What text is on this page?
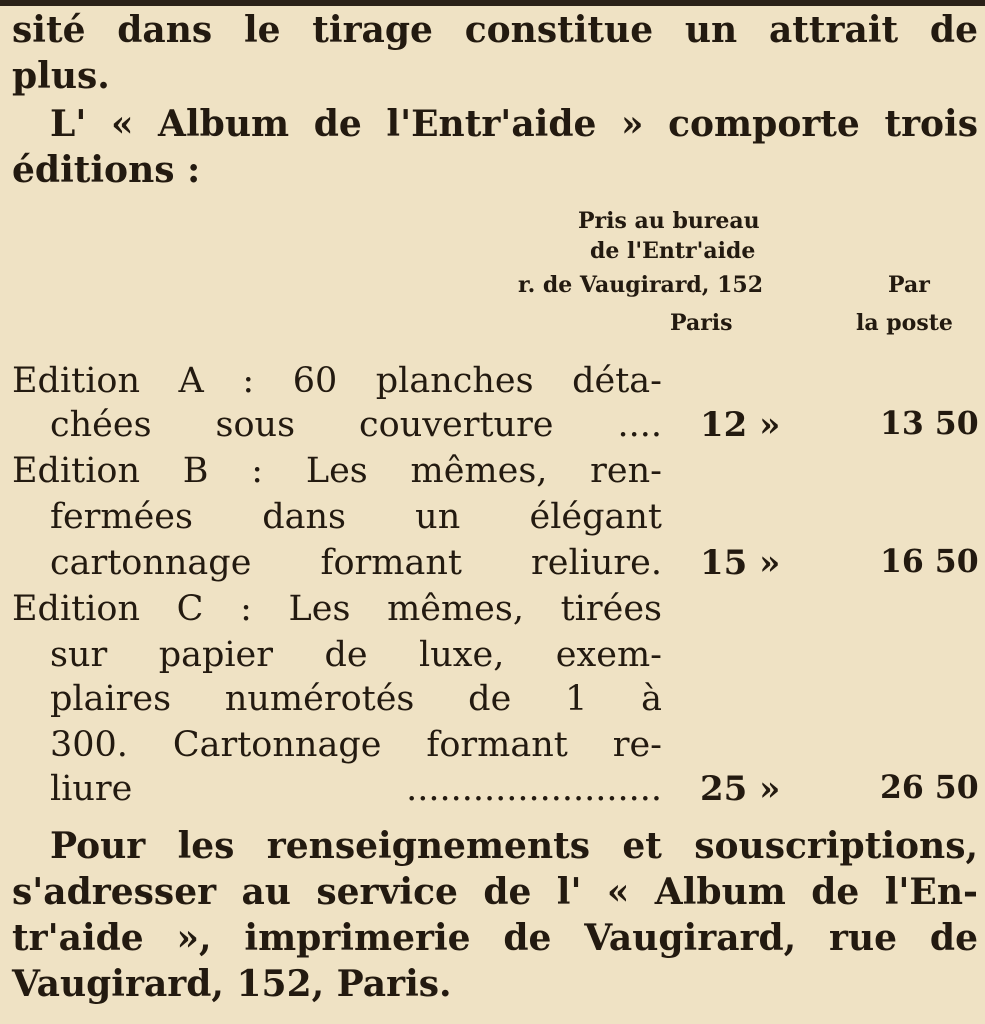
sité dans le tirage constitue un attrait de
plus.
L' « Album de l'Entr'aide » comporte trois
éditions :
Pris au bureau
de l'Entr'aide
r. de Vaugirard, 152
Paris
Par
la poste
Edition A : 60 planches déta-
chées sous couverture .... 12 »	13 50
Edition B : Les mêmes, ren-
fermées dans un élégant
cartonnage formant reliure. 15 »	16 50
Edition C : Les mêmes, tirées
sur papier de luxe, exem-
plaires numérotés de 1 à
300. Cartonnage formant re-
liure ....................... 25 »	26 50
Pour les renseignements et souscriptions,
s'adresser au service de l' « Album de l'En-
tr'aide », imprimerie de Vaugirard, rue de
Vaugirard, 152, Paris.
